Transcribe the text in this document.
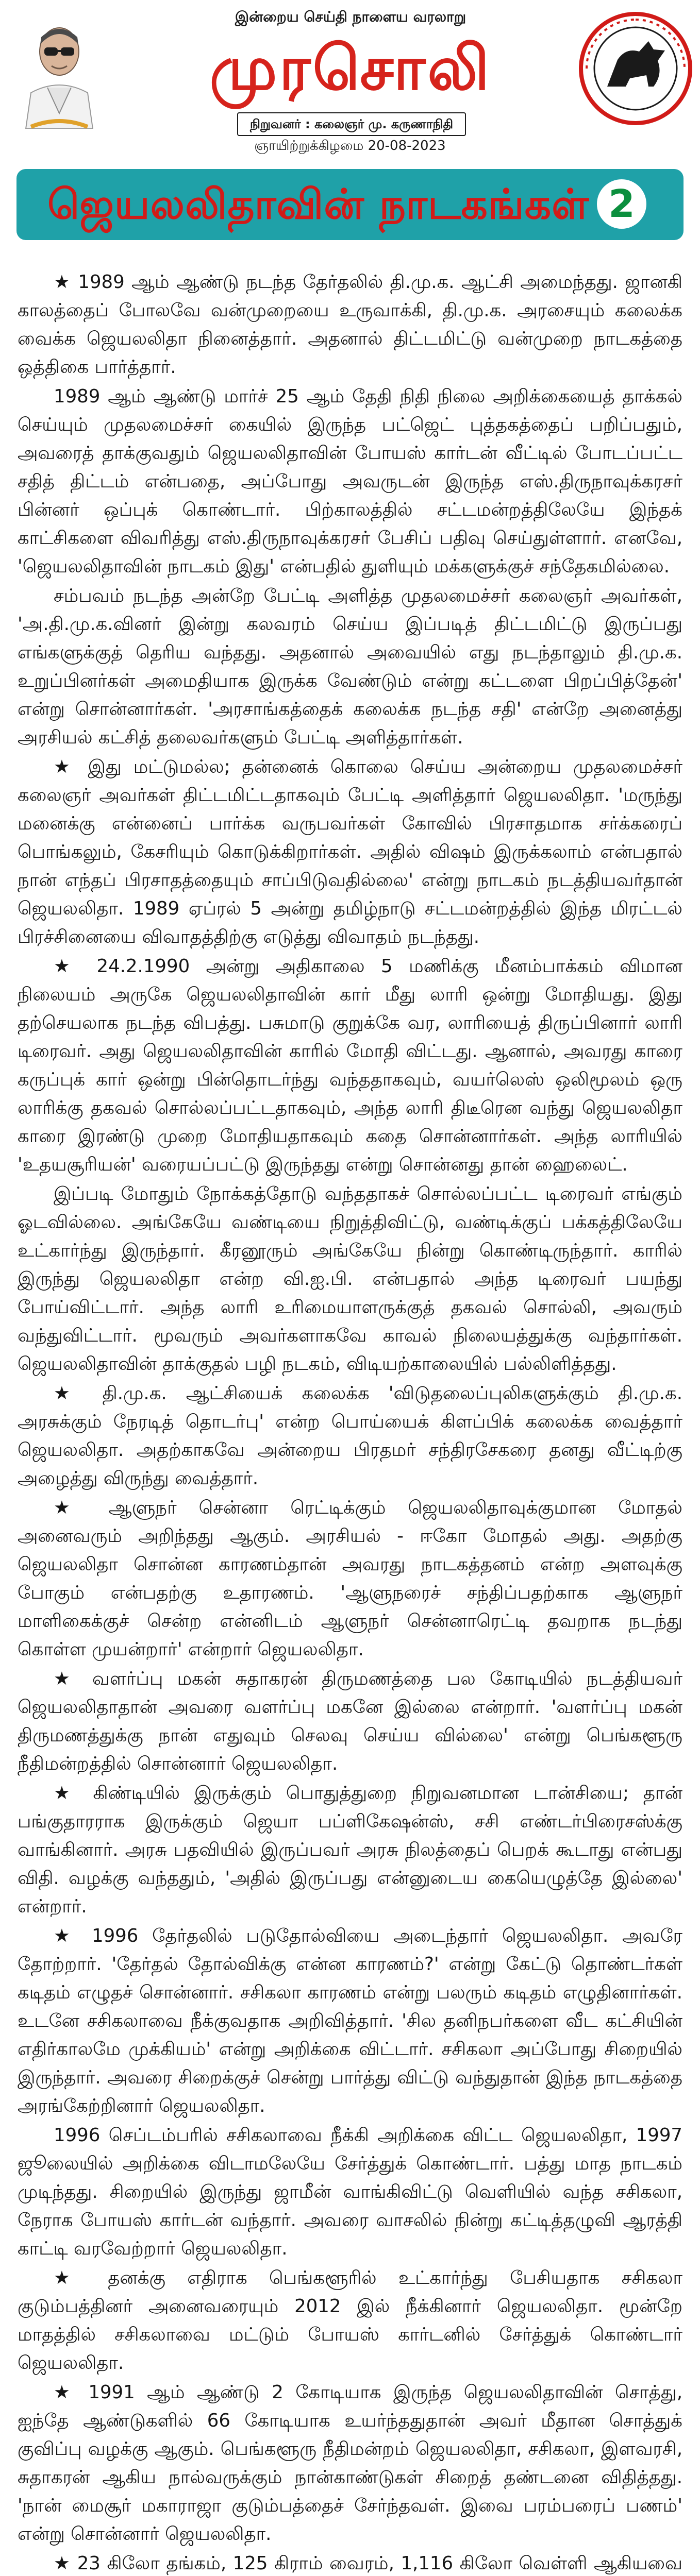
இன்றைய செய்தி நாளைய வரலாறு
முரசொலி
நிறுவனர் : கலைஞர் மு. கருணாநிதி
ஞாயிற்றுக்கிழமை 20-08-2023
ஜெயலலிதாவின் நாடகங்கள் 2

★ 1989 ஆம் ஆண்டு நடந்த தேர்தலில் தி.மு.க. ஆட்சி அமைந்தது. ஜானகி காலத்தைப் போலவே வன்முறையை உருவாக்கி, தி.மு.க. அரசையும் கலைக்க வைக்க ஜெயலலிதா நினைத்தார். அதனால் திட்டமிட்டு வன்முறை நாடகத்தை ஒத்திகை பார்த்தார்.

1989 ஆம் ஆண்டு மார்ச் 25 ஆம் தேதி நிதி நிலை அறிக்கையைத் தாக்கல் செய்யும் முதலமைச்சர் கையில் இருந்த பட்ஜெட் புத்தகத்தைப் பறிப்பதும், அவரைத் தாக்குவதும் ஜெயலலிதாவின் போயஸ் கார்டன் வீட்டில் போடப்பட்ட சதித் திட்டம் என்பதை, அப்போது அவருடன் இருந்த எஸ்.திருநாவுக்கரசர் பின்னர் ஒப்புக் கொண்டார். பிற்காலத்தில் சட்டமன்றத்திலேயே இந்தக் காட்சிகளை விவரித்து எஸ்.திருநாவுக்கரசர் பேசிப் பதிவு செய்துள்ளார். எனவே, 'ஜெயலலிதாவின் நாடகம் இது' என்பதில் துளியும் மக்களுக்குச் சந்தேகமில்லை.

சம்பவம் நடந்த அன்றே பேட்டி அளித்த முதலமைச்சர் கலைஞர் அவர்கள், 'அ.தி.மு.க.வினர் இன்று கலவரம் செய்ய இப்படித் திட்டமிட்டு இருப்பது எங்களுக்குத் தெரிய வந்தது. அதனால் அவையில் எது நடந்தாலும் தி.மு.க. உறுப்பினர்கள் அமைதியாக இருக்க வேண்டும் என்று கட்டளை பிறப்பித்தேன்' என்று சொன்னார்கள். 'அரசாங்கத்தைக் கலைக்க நடந்த சதி' என்றே அனைத்து அரசியல் கட்சித் தலைவர்களும் பேட்டி அளித்தார்கள்.

★ இது மட்டுமல்ல; தன்னைக் கொலை செய்ய அன்றைய முதலமைச்சர் கலைஞர் அவர்கள் திட்டமிட்டதாகவும் பேட்டி அளித்தார் ஜெயலலிதா. 'மருந்து மனைக்கு என்னைப் பார்க்க வருபவர்கள் கோவில் பிரசாதமாக சர்க்கரைப் பொங்கலும், கேசரியும் கொடுக்கிறார்கள். அதில் விஷம் இருக்கலாம் என்பதால் நான் எந்தப் பிரசாதத்தையும் சாப்பிடுவதில்லை' என்று நாடகம் நடத்தியவர்தான் ஜெயலலிதா. 1989 ஏப்ரல் 5 அன்று தமிழ்நாடு சட்டமன்றத்தில் இந்த மிரட்டல் பிரச்சினையை விவாதத்திற்கு எடுத்து விவாதம் நடந்தது.

★ 24.2.1990 அன்று அதிகாலை 5 மணிக்கு மீனம்பாக்கம் விமான நிலையம் அருகே ஜெயலலிதாவின் கார் மீது லாரி ஒன்று மோதியது. இது தற்செயலாக நடந்த விபத்து. பசுமாடு குறுக்கே வர, லாரியைத் திருப்பினார் லாரி டிரைவர். அது ஜெயலலிதாவின் காரில் மோதி விட்டது. ஆனால், அவரது காரை கருப்புக் கார் ஒன்று பின்தொடர்ந்து வந்ததாகவும், வயர்லெஸ் ஒலிமூலம் ஒரு லாரிக்கு தகவல் சொல்லப்பட்டதாகவும், அந்த லாரி திடீரென வந்து ஜெயலலிதா காரை இரண்டு முறை மோதியதாகவும் கதை சொன்னார்கள். அந்த லாரியில் 'உதயசூரியன்' வரையப்பட்டு இருந்தது என்று சொன்னது தான் ஹைலைட்.

இப்படி மோதும் நோக்கத்தோடு வந்ததாகச் சொல்லப்பட்ட டிரைவர் எங்கும் ஓடவில்லை. அங்கேயே வண்டியை நிறுத்திவிட்டு, வண்டிக்குப் பக்கத்திலேயே உட்கார்ந்து இருந்தார். கீரனூரும் அங்கேயே நின்று கொண்டிருந்தார். காரில் இருந்து ஜெயலலிதா என்ற வி.ஐ.பி. என்பதால் அந்த டிரைவர் பயந்து போய்விட்டார். அந்த லாரி உரிமையாளருக்குத் தகவல் சொல்லி, அவரும் வந்துவிட்டார். மூவரும் அவர்களாகவே காவல் நிலையத்துக்கு வந்தார்கள். ஜெயலலிதாவின் தாக்குதல் பழி நடகம், விடியற்காலையில் பல்லிளித்தது.

★ தி.மு.க. ஆட்சியைக் கலைக்க 'விடுதலைப்புலிகளுக்கும் தி.மு.க. அரசுக்கும் நேரடித் தொடர்பு' என்ற பொய்யைக் கிளப்பிக் கலைக்க வைத்தார் ஜெயலலிதா. அதற்காகவே அன்றைய பிரதமர் சந்திரசேகரை தனது வீட்டிற்கு அழைத்து விருந்து வைத்தார்.

★ ஆளுநர் சென்னா ரெட்டிக்கும் ஜெயலலிதாவுக்குமான மோதல் அனைவரும் அறிந்தது ஆகும். அரசியல் - ஈகோ மோதல் அது. அதற்கு ஜெயலலிதா சொன்ன காரணம்தான் அவரது நாடகத்தனம் என்ற அளவுக்கு போகும் என்பதற்கு உதாரணம். 'ஆளுநரைச் சந்திப்பதற்காக ஆளுநர் மாளிகைக்குச் சென்ற என்னிடம் ஆளுநர் சென்னாரெட்டி தவறாக நடந்து கொள்ள முயன்றார்' என்றார் ஜெயலலிதா.

★ வளர்ப்பு மகன் சுதாகரன் திருமணத்தை பல கோடியில் நடத்தியவர் ஜெயலலிதாதான் அவரை வளர்ப்பு மகனே இல்லை என்றார். 'வளர்ப்பு மகன் திருமணத்துக்கு நான் எதுவும் செலவு செய்ய வில்லை' என்று பெங்களூரு நீதிமன்றத்தில் சொன்னார் ஜெயலலிதா.

★ கிண்டியில் இருக்கும் பொதுத்துறை நிறுவனமான டான்சியை; தான் பங்குதாரராக இருக்கும் ஜெயா பப்ளிகேஷன்ஸ், சசி எண்டர்பிரைசஸ்க்கு வாங்கினார். அரசு பதவியில் இருப்பவர் அரசு நிலத்தைப் பெறக் கூடாது என்பது விதி. வழக்கு வந்ததும், 'அதில் இருப்பது என்னுடைய கையெழுத்தே இல்லை' என்றார்.

★ 1996 தேர்தலில் படுதோல்வியை அடைந்தார் ஜெயலலிதா. அவரே தோற்றார். 'தேர்தல் தோல்விக்கு என்ன காரணம்?' என்று கேட்டு தொண்டர்கள் கடிதம் எழுதச் சொன்னார். சசிகலா காரணம் என்று பலரும் கடிதம் எழுதினார்கள். உடனே சசிகலாவை நீக்குவதாக அறிவித்தார். 'சில தனிநபர்களை வீட கட்சியின் எதிர்காலமே முக்கியம்' என்று அறிக்கை விட்டார். சசிகலா அப்போது சிறையில் இருந்தார். அவரை சிறைக்குச் சென்று பார்த்து விட்டு வந்துதான் இந்த நாடகத்தை அரங்கேற்றினார் ஜெயலலிதா.

1996 செப்டம்பரில் சசிகலாவை நீக்கி அறிக்கை விட்ட ஜெயலலிதா, 1997 ஜூலையில் அறிக்கை விடாமலேயே சேர்த்துக் கொண்டார். பத்து மாத நாடகம் முடிந்தது. சிறையில் இருந்து ஜாமீன் வாங்கிவிட்டு வெளியில் வந்த சசிகலா, நேராக போயஸ் கார்டன் வந்தார். அவரை வாசலில் நின்று கட்டித்தழுவி ஆரத்தி காட்டி வரவேற்றார் ஜெயலலிதா.

★ தனக்கு எதிராக பெங்களூரில் உட்கார்ந்து பேசியதாக சசிகலா குடும்பத்தினர் அனைவரையும் 2012 இல் நீக்கினார் ஜெயலலிதா. மூன்றே மாதத்தில் சசிகலாவை மட்டும் போயஸ் கார்டனில் சேர்த்துக் கொண்டார் ஜெயலலிதா.

★ 1991 ஆம் ஆண்டு 2 கோடியாக இருந்த ஜெயலலிதாவின் சொத்து, ஐந்தே ஆண்டுகளில் 66 கோடியாக உயர்ந்ததுதான் அவர் மீதான சொத்துக் குவிப்பு வழக்கு ஆகும். பெங்களூரு நீதிமன்றம் ஜெயலலிதா, சசிகலா, இளவரசி, சுதாகரன் ஆகிய நால்வருக்கும் நான்காண்டுகள் சிறைத் தண்டனை விதித்தது. 'நான் மைசூர் மகாராஜா குடும்பத்தைச் சேர்ந்தவள். இவை பரம்பரைப் பணம்' என்று சொன்னார் ஜெயலலிதா.

★ 23 கிலோ தங்கம், 125 கிராம் வைரம், 1,116 கிலோ வெள்ளி ஆகியவை
